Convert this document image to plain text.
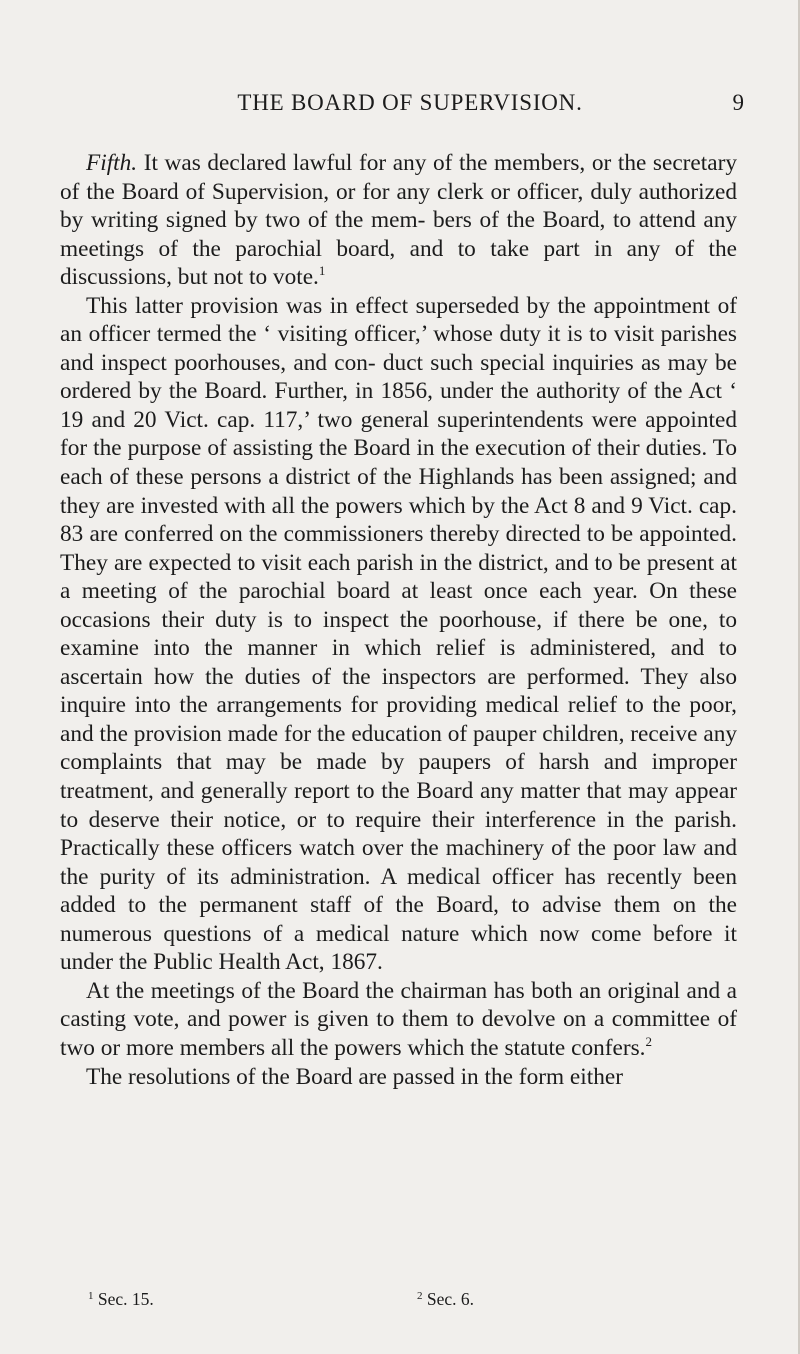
THE BOARD OF SUPERVISION.	9

Fifth. It was declared lawful for any of the members, or the secretary of the Board of Supervision, or for any clerk or officer, duly authorized by writing signed by two of the mem- bers of the Board, to attend any meetings of the parochial board, and to take part in any of the discussions, but not to vote.$^1$

This latter provision was in effect superseded by the appointment of an officer termed the ‘ visiting officer,’ whose duty it is to visit parishes and inspect poorhouses, and con- duct such special inquiries as may be ordered by the Board. Further, in 1856, under the authority of the Act ‘ 19 and 20 Vict. cap. 117,’ two general superintendents were appointed for the purpose of assisting the Board in the execution of their duties. To each of these persons a district of the Highlands has been assigned; and they are invested with all the powers which by the Act 8 and 9 Vict. cap. 83 are conferred on the commissioners thereby directed to be appointed. They are expected to visit each parish in the district, and to be present at a meeting of the parochial board at least once each year. On these occasions their duty is to inspect the poorhouse, if there be one, to examine into the manner in which relief is administered, and to ascertain how the duties of the inspectors are performed. They also inquire into the arrangements for providing medical relief to the poor, and the provision made for the education of pauper children, receive any complaints that may be made by paupers of harsh and improper treatment, and generally report to the Board any matter that may appear to deserve their notice, or to require their interference in the parish. Practically these officers watch over the machinery of the poor law and the purity of its administration. A medical officer has recently been added to the permanent staff of the Board, to advise them on the numerous questions of a medical nature which now come before it under the Public Health Act, 1867.

At the meetings of the Board the chairman has both an original and a casting vote, and power is given to them to devolve on a committee of two or more members all the powers which the statute confers.$^2$

The resolutions of the Board are passed in the form either

$^1$ Sec. 15.	$^2$ Sec. 6.
